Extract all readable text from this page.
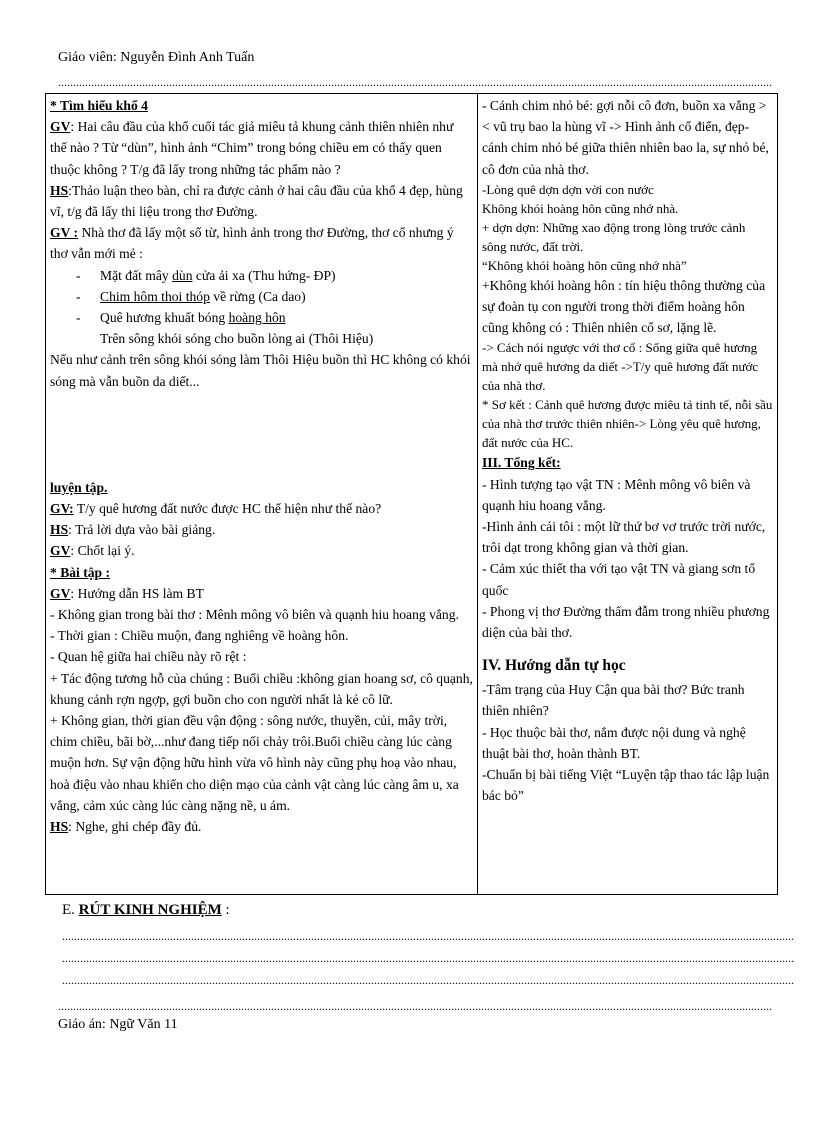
Giáo viên: Nguyễn Đình Anh Tuấn
.....

* Tìm hiểu khổ 4

GV: Hai câu đầu của khổ cuối tác giả miêu tả khung cảnh thiên nhiên như thế nào ? Từ “dùn”, hình ảnh “Chim” trong bóng chiều em có thấy quen thuộc không ? T/g đã lấy trong những tác phẩm nào ?

HS:Thảo luận theo bàn, chỉ ra được cảnh ở hai câu đầu của khổ 4 đẹp, hùng vĩ, t/g đã lấy thi liệu trong thơ Đường.

GV : Nhà thơ đã lấy một số từ, hình ảnh trong thơ Đường, thơ cổ nhưng ý thơ vẫn mới mẻ :

- Mặt đất mây dùn cửa ải xa (Thu hứng- ĐP)

- Chim hôm thoi thóp về rừng (Ca dao)

- Quê hương khuất bóng hoàng hôn

Trên sông khói sóng cho buồn lòng ai (Thôi Hiệu)

Nếu như cảnh trên sông khói sóng làm Thôi Hiệu buồn thì HC không có khói sóng mà vẫn buồn da diết...

luyện tập.

GV: T/y quê hương đất nước được HC thể hiện như thế nào?

HS: Trả lời dựa vào bài giảng.

GV: Chốt lại ý.

* Bài tập :

GV: Hướng dẫn HS làm BT

- Không gian trong bài thơ : Mênh mông vô biên và quạnh hiu hoang vắng.

- Thời gian : Chiều muộn, đang nghiêng về hoàng hôn.

- Quan hệ giữa hai chiều này rõ rệt :

+ Tác động tương hỗ của chúng : Buổi chiều :không gian hoang sơ, cô quạnh, khung cảnh rợn ngợp, gợi buồn cho con người nhất là kẻ cô lữ.

+ Không gian, thời gian đều vận động : sông nước, thuyền, củi, mây trời, chim chiều, bãi bờ,...như đang tiếp nối chảy trôi.Buổi chiều càng lúc càng muộn hơn. Sự vận động hữu hình vừa vô hình này cũng phụ hoạ vào nhau, hoà điệu vào nhau khiến cho diện mạo của cảnh vật càng lúc càng âm u, xa vắng, cảm xúc càng lúc càng nặng nề, u ám.

HS: Nghe, ghi chép đầy đủ.

- Cánh chim nhỏ bé: gợi nỗi cô đơn, buồn xa vắng >< vũ trụ bao la hùng vĩ -> Hình ảnh cổ điển, đẹp- cánh chim nhỏ bé giữa thiên nhiên bao la, sự nhỏ bé, cô đơn của nhà thơ.

-Lòng quê dợn dợn vời con nước

Không khói hoàng hôn cũng nhớ nhà.

+ dợn dợn: Những xao động trong lòng trước cảnh sông nước, đất trời.

“Không khói hoàng hôn cũng nhớ nhà”

+Không khói hoàng hôn : tín hiệu thông thường của sự đoàn tụ con người trong thời điểm hoàng hôn cũng không có : Thiên nhiên cổ sơ, lặng lẽ.

-> Cách nói ngược với thơ cổ : Sống giữa quê hương mà nhớ quê hương da diết ->T/y quê hương đất nước của nhà thơ.

* Sơ kết : Cảnh quê hương được miêu tả tinh tế, nỗi sầu của nhà thơ trước thiên nhiên-> Lòng yêu quê hương, đất nước của HC.

III. Tổng kết:

- Hình tượng tạo vật TN : Mênh mông vô biên và quạnh hiu hoang vắng.

-Hình ảnh cái tôi : một lữ thứ bơ vơ trước trời nước, trôi dạt trong không gian và thời gian.

- Cảm xúc thiết tha với tạo vật TN và giang sơn tổ quốc

- Phong vị thơ Đường thấm đẫm trong nhiều phương diện của bài thơ.

IV. Hướng dẫn tự học

-Tâm trạng của Huy Cận qua bài thơ? Bức tranh thiên nhiên?

- Học thuộc bài thơ, nắm được nội dung và nghệ thuật bài thơ, hoàn thành BT.

-Chuẩn bị bài tiếng Việt “Luyện tập thao tác lập luận bác bỏ”

E. RÚT KINH NGHIỆM :
.....
.....
.....
.....
Giáo án: Ngữ Văn 11
